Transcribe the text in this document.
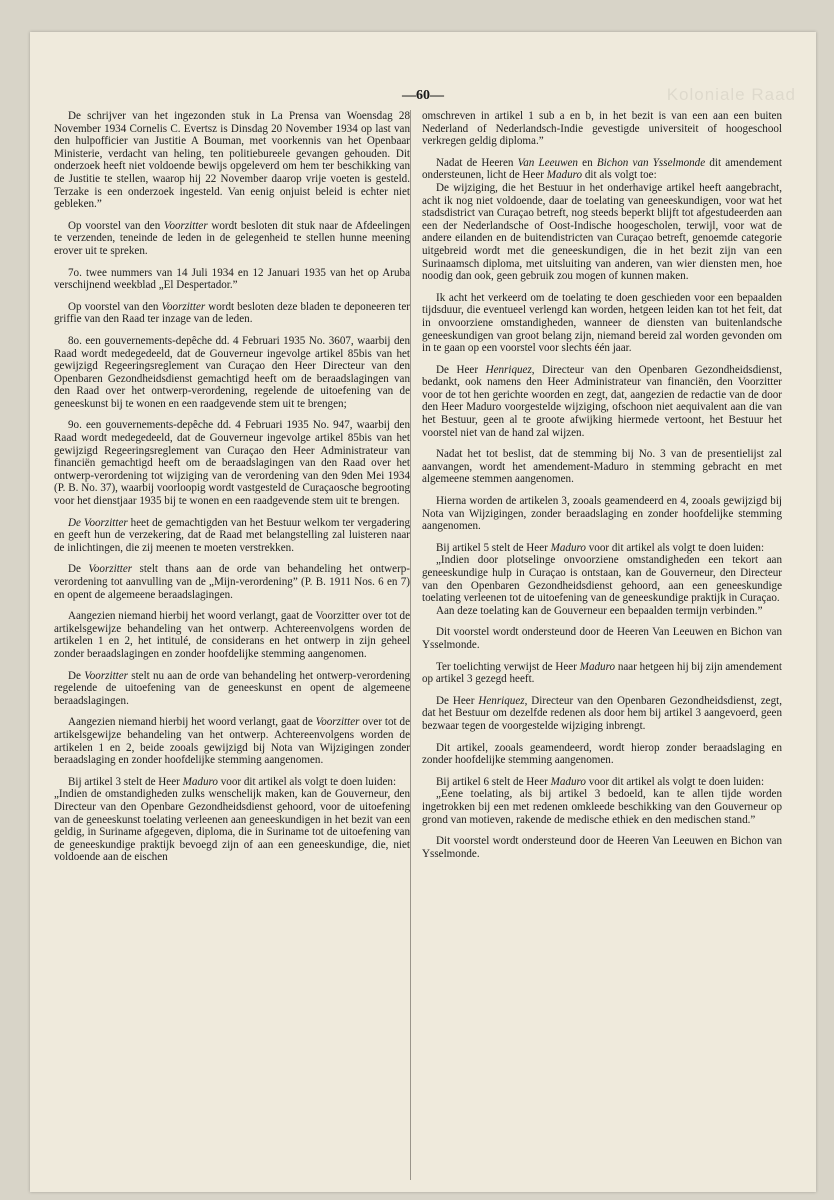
Koloniale Raad
—60—

De schrijver van het ingezonden stuk in La Prensa van Woensdag 28 November 1934 Cornelis C. Evertsz is Dinsdag 20 November 1934 op last van den hulpofficier van Justitie A Bouman, met voorkennis van het Openbaar Ministerie, verdacht van heling, ten politiebureele gevangen gehouden. Dit onderzoek heeft niet voldoende bewijs opgeleverd om hem ter beschikking van de Justitie te stellen, waarop hij 22 November daarop vrije voeten is gesteld. Terzake is een onderzoek ingesteld. Van eenig onjuist beleid is echter niet gebleken.”

Op voorstel van den Voorzitter wordt besloten dit stuk naar de Afdeelingen te verzenden, teneinde de leden in de gelegenheid te stellen hunne meening erover uit te spreken.

7o. twee nummers van 14 Juli 1934 en 12 Januari 1935 van het op Aruba verschijnend weekblad „El Despertador.”

Op voorstel van den Voorzitter wordt besloten deze bladen te deponeeren ter griffie van den Raad ter inzage van de leden.

8o. een gouvernements-depêche dd. 4 Februari 1935 No. 3607, waarbij den Raad wordt medegedeeld, dat de Gouverneur ingevolge artikel 85bis van het gewijzigd Regeeringsreglement van Curaçao den Heer Directeur van den Openbaren Gezondheidsdienst gemachtigd heeft om de beraadslagingen van den Raad over het ontwerp-verordening, regelende de uitoefening van de geneeskunst bij te wonen en een raadgevende stem uit te brengen;

9o. een gouvernements-depêche dd. 4 Februari 1935 No. 947, waarbij den Raad wordt medegedeeld, dat de Gouverneur ingevolge artikel 85bis van het gewijzigd Regeeringsreglement van Curaçao den Heer Administrateur van financiën gemachtigd heeft om de beraadslagingen van den Raad over het ontwerp-verordening tot wijziging van de verordening van den 9den Mei 1934 (P. B. No. 37), waarbij voorloopig wordt vastgesteld de Curaçaosche begrooting voor het dienstjaar 1935 bij te wonen en een raadgevende stem uit te brengen.

De Voorzitter heet de gemachtigden van het Bestuur welkom ter vergadering en geeft hun de verzekering, dat de Raad met belangstelling zal luisteren naar de inlichtingen, die zij meenen te moeten verstrekken.

De Voorzitter stelt thans aan de orde van behandeling het ontwerp-verordening tot aanvulling van de „Mijn-verordening” (P. B. 1911 Nos. 6 en 7) en opent de algemeene beraadslagingen.

Aangezien niemand hierbij het woord verlangt, gaat de Voorzitter over tot de artikelsgewijze behandeling van het ontwerp. Achtereenvolgens worden de artikelen 1 en 2, het intitulé, de considerans en het ontwerp in zijn geheel zonder beraadslagingen en zonder hoofdelijke stemming aangenomen.

De Voorzitter stelt nu aan de orde van behandeling het ontwerp-verordening regelende de uitoefening van de geneeskunst en opent de algemeene beraadslagingen.

Aangezien niemand hierbij het woord verlangt, gaat de Voorzitter over tot de artikelsgewijze behandeling van het ontwerp. Achtereenvolgens worden de artikelen 1 en 2, beide zooals gewijzigd bij Nota van Wijzigingen zonder beraadslaging en zonder hoofdelijke stemming aangenomen.

Bij artikel 3 stelt de Heer Maduro voor dit artikel als volgt te doen luiden:

„Indien de omstandigheden zulks wenschelijk maken, kan de Gouverneur, den Directeur van den Openbare Gezondheidsdienst gehoord, voor de uitoefening van de geneeskunst toelating verleenen aan geneeskundigen in het bezit van een geldig, in Suriname afgegeven, diploma, die in Suriname tot de uitoefening van de geneeskundige praktijk bevoegd zijn of aan een geneeskundige, die, niet voldoende aan de eischen

omschreven in artikel 1 sub a en b, in het bezit is van een aan een buiten Nederland of Nederlandsch-Indie gevestigde universiteit of hoogeschool verkregen geldig diploma.”

Nadat de Heeren Van Leeuwen en Bichon van Ysselmonde dit amendement ondersteunen, licht de Heer Maduro dit als volgt toe:

De wijziging, die het Bestuur in het onderhavige artikel heeft aangebracht, acht ik nog niet voldoende, daar de toelating van geneeskundigen, voor wat het stadsdistrict van Curaçao betreft, nog steeds beperkt blijft tot afgestudeerden aan een der Nederlandsche of Oost-Indische hoogescholen, terwijl, voor wat de andere eilanden en de buitendistricten van Curaçao betreft, genoemde categorie uitgebreid wordt met die geneeskundigen, die in het bezit zijn van een Surinaamsch diploma, met uitsluiting van anderen, van wier diensten men, hoe noodig dan ook, geen gebruik zou mogen of kunnen maken.

Ik acht het verkeerd om de toelating te doen geschieden voor een bepaalden tijdsduur, die eventueel verlengd kan worden, hetgeen leiden kan tot het feit, dat in onvoorziene omstandigheden, wanneer de diensten van buitenlandsche geneeskundigen van groot belang zijn, niemand bereid zal worden gevonden om in te gaan op een voorstel voor slechts één jaar.

De Heer Henriquez, Directeur van den Openbaren Gezondheidsdienst, bedankt, ook namens den Heer Administrateur van financiën, den Voorzitter voor de tot hen gerichte woorden en zegt, dat, aangezien de redactie van de door den Heer Maduro voorgestelde wijziging, ofschoon niet aequivalent aan die van het Bestuur, geen al te groote afwijking hiermede vertoont, het Bestuur het voorstel niet van de hand zal wijzen.

Nadat het tot beslist, dat de stemming bij No. 3 van de presentielijst zal aanvangen, wordt het amendement-Maduro in stemming gebracht en met algemeene stemmen aangenomen.

Hierna worden de artikelen 3, zooals geamendeerd en 4, zooals gewijzigd bij Nota van Wijzigingen, zonder beraadslaging en zonder hoofdelijke stemming aangenomen.

Bij artikel 5 stelt de Heer Maduro voor dit artikel als volgt te doen luiden:

„Indien door plotselinge onvoorziene omstandigheden een tekort aan geneeskundige hulp in Curaçao is ontstaan, kan de Gouverneur, den Directeur van den Openbaren Gezondheidsdienst gehoord, aan een geneeskundige toelating verleenen tot de uitoefening van de geneeskundige praktijk in Curaçao.

Aan deze toelating kan de Gouverneur een bepaalden termijn verbinden.”

Dit voorstel wordt ondersteund door de Heeren Van Leeuwen en Bichon van Ysselmonde.

Ter toelichting verwijst de Heer Maduro naar hetgeen hij bij zijn amendement op artikel 3 gezegd heeft.

De Heer Henriquez, Directeur van den Openbaren Gezondheidsdienst, zegt, dat het Bestuur om dezelfde redenen als door hem bij artikel 3 aangevoerd, geen bezwaar tegen de voorgestelde wijziging inbrengt.

Dit artikel, zooals geamendeerd, wordt hierop zonder beraadslaging en zonder hoofdelijke stemming aangenomen.

Bij artikel 6 stelt de Heer Maduro voor dit artikel als volgt te doen luiden:

„Eene toelating, als bij artikel 3 bedoeld, kan te allen tijde worden ingetrokken bij een met redenen omkleede beschikking van den Gouverneur op grond van motieven, rakende de medische ethiek en den medischen stand.”

Dit voorstel wordt ondersteund door de Heeren Van Leeuwen en Bichon van Ysselmonde.
